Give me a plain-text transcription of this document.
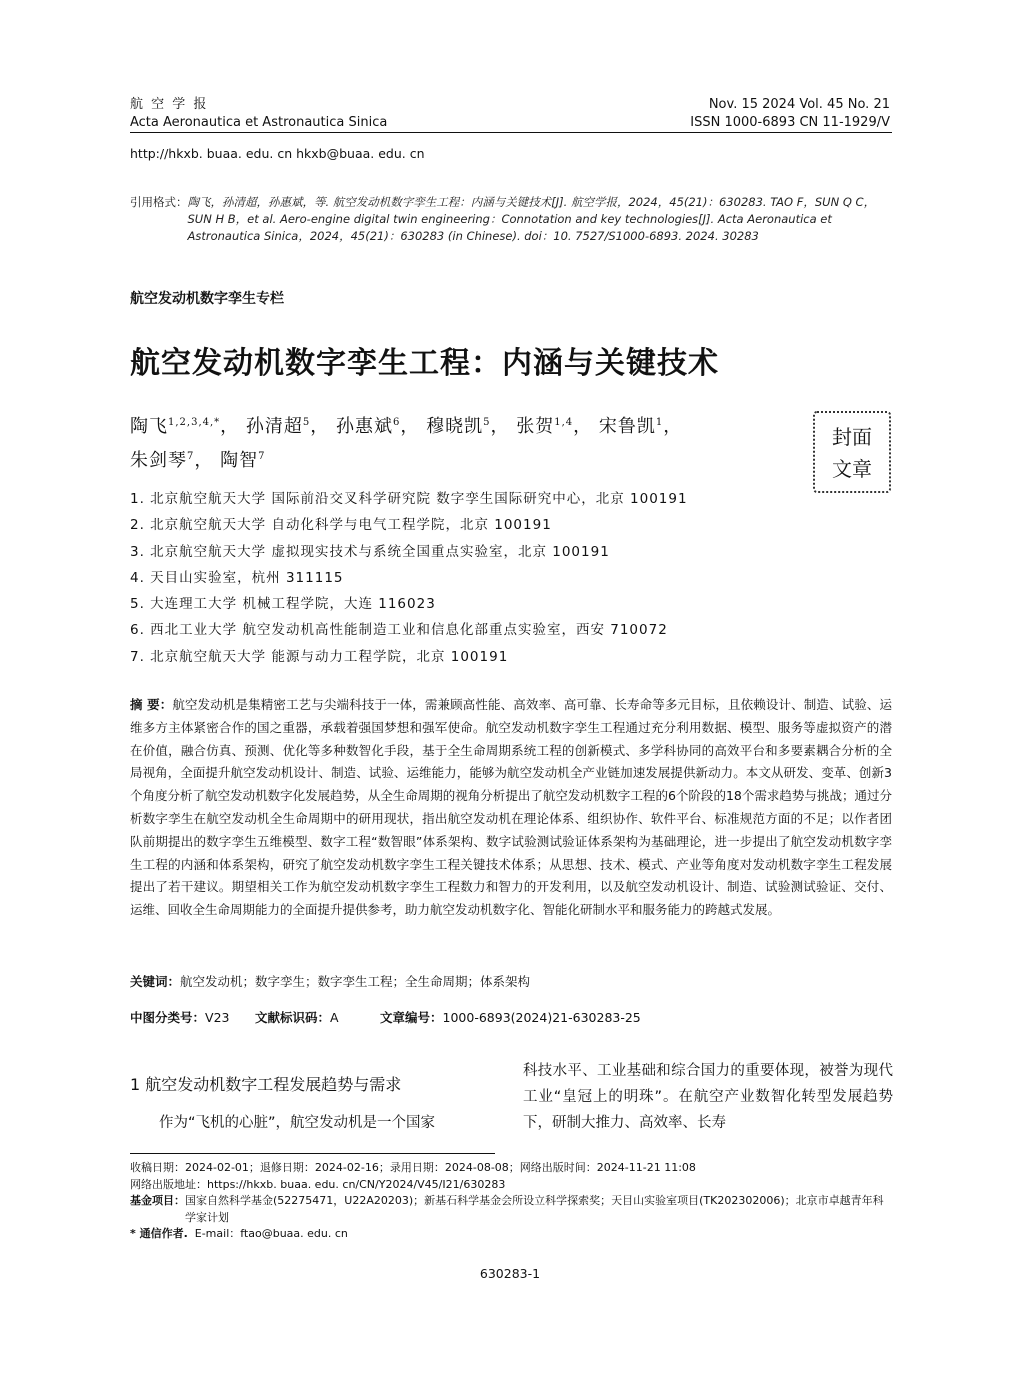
航 空 学 报
Acta Aeronautica et Astronautica Sinica
Nov. 15 2024 Vol. 45 No. 21
ISSN 1000-6893 CN 11-1929/V
http://hkxb. buaa. edu. cn hkxb@buaa. edu. cn
引用格式： 陶飞，孙清超，孙惠斌，等. 航空发动机数字孪生工程：内涵与关键技术[J]. 航空学报，2024，45(21)：630283. TAO F，SUN Q C，SUN H B，et al. Aero-engine digital twin engineering：Connotation and key technologies[J]. Acta Aeronautica et Astronautica Sinica，2024，45(21)：630283 (in Chinese). doi：10. 7527/S1000-6893. 2024. 30283
航空发动机数字孪生专栏
航空发动机数字孪生工程：内涵与关键技术
陶飞$^{1,2,3,4,*}$， 孙清超$^5$， 孙惠斌$^6$， 穆晓凯$^5$， 张贺$^{1,4}$， 宋鲁凯$^1$，
朱剑琴$^7$， 陶智$^7$
封面
文章
1. 北京航空航天大学 国际前沿交叉科学研究院 数字孪生国际研究中心，北京 100191
2. 北京航空航天大学 自动化科学与电气工程学院，北京 100191
3. 北京航空航天大学 虚拟现实技术与系统全国重点实验室，北京 100191
4. 天目山实验室，杭州 311115
5. 大连理工大学 机械工程学院，大连 116023
6. 西北工业大学 航空发动机高性能制造工业和信息化部重点实验室，西安 710072
7. 北京航空航天大学 能源与动力工程学院，北京 100191
摘 要：航空发动机是集精密工艺与尖端科技于一体，需兼顾高性能、高效率、高可靠、长寿命等多元目标，且依赖设计、制造、试验、运维多方主体紧密合作的国之重器，承载着强国梦想和强军使命。航空发动机数字孪生工程通过充分利用数据、模型、服务等虚拟资产的潜在价值，融合仿真、预测、优化等多种数智化手段，基于全生命周期系统工程的创新模式、多学科协同的高效平台和多要素耦合分析的全局视角，全面提升航空发动机设计、制造、试验、运维能力，能够为航空发动机全产业链加速发展提供新动力。本文从研发、变革、创新3个角度分析了航空发动机数字化发展趋势，从全生命周期的视角分析提出了航空发动机数字工程的6个阶段的18个需求趋势与挑战；通过分析数字孪生在航空发动机全生命周期中的研用现状，指出航空发动机在理论体系、组织协作、软件平台、标准规范方面的不足；以作者团队前期提出的数字孪生五维模型、数字工程“数智眼”体系架构、数字试验测试验证体系架构为基础理论，进一步提出了航空发动机数字孪生工程的内涵和体系架构，研究了航空发动机数字孪生工程关键技术体系；从思想、技术、模式、产业等角度对发动机数字孪生工程发展提出了若干建议。期望相关工作为航空发动机数字孪生工程数力和智力的开发利用，以及航空发动机设计、制造、试验测试验证、交付、运维、回收全生命周期能力的全面提升提供参考，助力航空发动机数字化、智能化研制水平和服务能力的跨越式发展。
关键词：航空发动机；数字孪生；数字孪生工程；全生命周期；体系架构
中图分类号：V23 文献标识码：A	文章编号：1000-6893(2024)21-630283-25
1 航空发动机数字工程发展趋势与需求
作为“飞机的心脏”，航空发动机是一个国家
科技水平、工业基础和综合国力的重要体现，被誉为现代工业“皇冠上的明珠”。在航空产业数智化转型发展趋势下，研制大推力、高效率、长寿
收稿日期：2024-02-01；退修日期：2024-02-16；录用日期：2024-08-08；网络出版时间：2024-11-21 11:08
网络出版地址：https://hkxb. buaa. edu. cn/CN/Y2024/V45/I21/630283
基金项目： 国家自然科学基金(52275471，U22A20203)；新基石科学基金会所设立科学探索奖；天目山实验室项目(TK202302006)；北京市卓越青年科学家计划
* 通信作者. E-mail：ftao@buaa. edu. cn
630283-1
